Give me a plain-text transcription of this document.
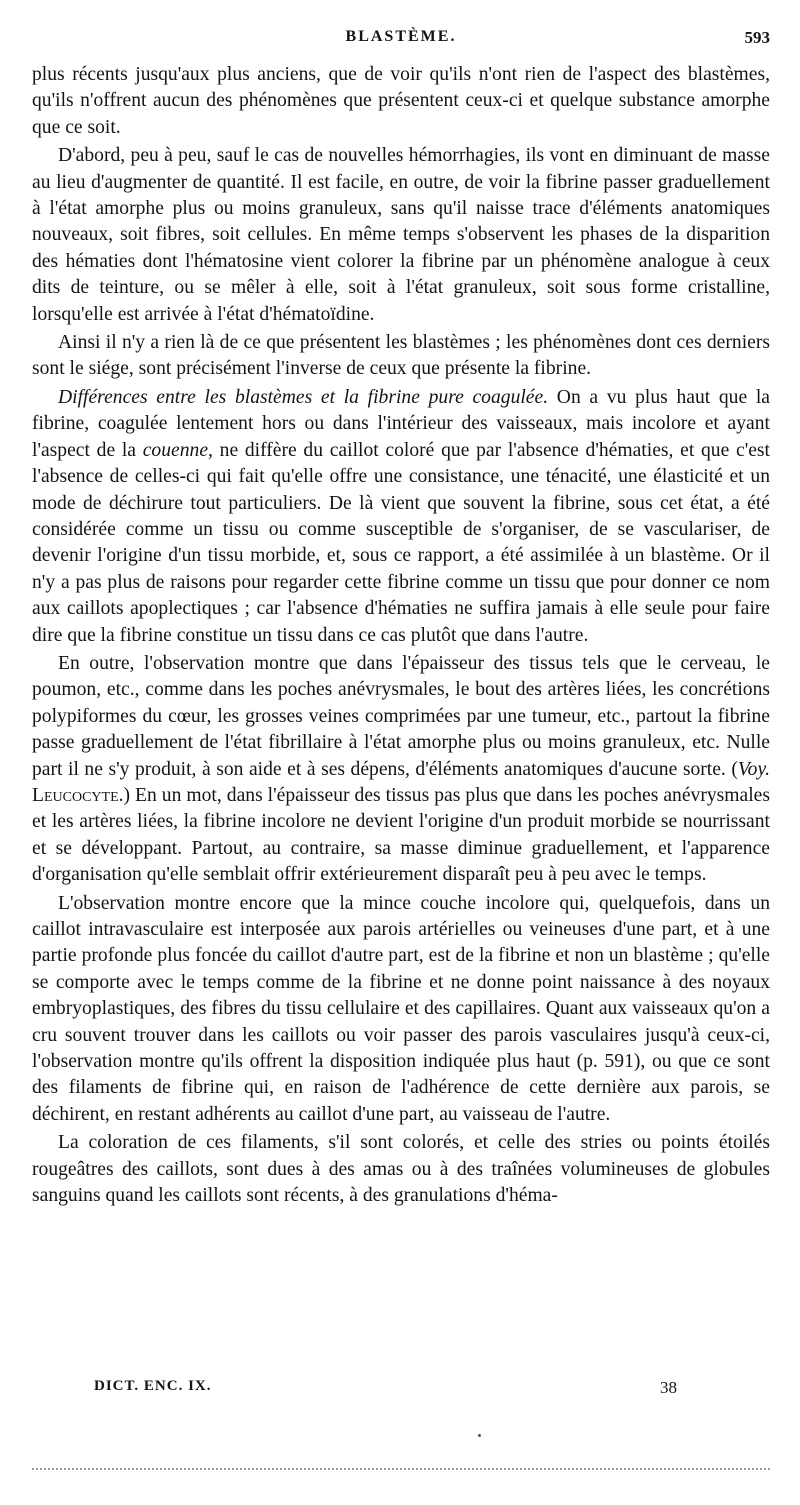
BLASTÈME.	593

plus récents jusqu'aux plus anciens, que de voir qu'ils n'ont rien de l'aspect des blastèmes, qu'ils n'offrent aucun des phénomènes que présentent ceux-ci et quelque substance amorphe que ce soit.

D'abord, peu à peu, sauf le cas de nouvelles hémorrhagies, ils vont en diminuant de masse au lieu d'augmenter de quantité. Il est facile, en outre, de voir la fibrine passer graduellement à l'état amorphe plus ou moins granuleux, sans qu'il naisse trace d'éléments anatomiques nouveaux, soit fibres, soit cellules. En même temps s'observent les phases de la disparition des hématies dont l'hématosine vient colorer la fibrine par un phénomène analogue à ceux dits de teinture, ou se mêler à elle, soit à l'état granuleux, soit sous forme cristalline, lorsqu'elle est arrivée à l'état d'hématoïdine.

Ainsi il n'y a rien là de ce que présentent les blastèmes ; les phénomènes dont ces derniers sont le siége, sont précisément l'inverse de ceux que présente la fibrine.

Différences entre les blastèmes et la fibrine pure coagulée. On a vu plus haut que la fibrine, coagulée lentement hors ou dans l'intérieur des vaisseaux, mais incolore et ayant l'aspect de la couenne, ne diffère du caillot coloré que par l'absence d'hématies, et que c'est l'absence de celles-ci qui fait qu'elle offre une consistance, une ténacité, une élasticité et un mode de déchirure tout particuliers. De là vient que souvent la fibrine, sous cet état, a été considérée comme un tissu ou comme susceptible de s'organiser, de se vasculariser, de devenir l'origine d'un tissu morbide, et, sous ce rapport, a été assimilée à un blastème. Or il n'y a pas plus de raisons pour regarder cette fibrine comme un tissu que pour donner ce nom aux caillots apoplectiques ; car l'absence d'hématies ne suffira jamais à elle seule pour faire dire que la fibrine constitue un tissu dans ce cas plutôt que dans l'autre.

En outre, l'observation montre que dans l'épaisseur des tissus tels que le cerveau, le poumon, etc., comme dans les poches anévrysmales, le bout des artères liées, les concrétions polypiformes du cœur, les grosses veines comprimées par une tumeur, etc., partout la fibrine passe graduellement de l'état fibrillaire à l'état amorphe plus ou moins granuleux, etc. Nulle part il ne s'y produit, à son aide et à ses dépens, d'éléments anatomiques d'aucune sorte. (Voy. Leucocyte.) En un mot, dans l'épaisseur des tissus pas plus que dans les poches anévrysmales et les artères liées, la fibrine incolore ne devient l'origine d'un produit morbide se nourrissant et se développant. Partout, au contraire, sa masse diminue graduellement, et l'apparence d'organisation qu'elle semblait offrir extérieurement disparaît peu à peu avec le temps.

L'observation montre encore que la mince couche incolore qui, quelquefois, dans un caillot intravasculaire est interposée aux parois artérielles ou veineuses d'une part, et à une partie profonde plus foncée du caillot d'autre part, est de la fibrine et non un blastème ; qu'elle se comporte avec le temps comme de la fibrine et ne donne point naissance à des noyaux embryoplastiques, des fibres du tissu cellulaire et des capillaires. Quant aux vaisseaux qu'on a cru souvent trouver dans les caillots ou voir passer des parois vasculaires jusqu'à ceux-ci, l'observation montre qu'ils offrent la disposition indiquée plus haut (p. 591), ou que ce sont des filaments de fibrine qui, en raison de l'adhérence de cette dernière aux parois, se déchirent, en restant adhérents au caillot d'une part, au vaisseau de l'autre.

La coloration de ces filaments, s'il sont colorés, et celle des stries ou points étoilés rougeâtres des caillots, sont dues à des amas ou à des traînées volumineuses de globules sanguins quand les caillots sont récents, à des granulations d'héma-

DICT. ENC. IX.	38
